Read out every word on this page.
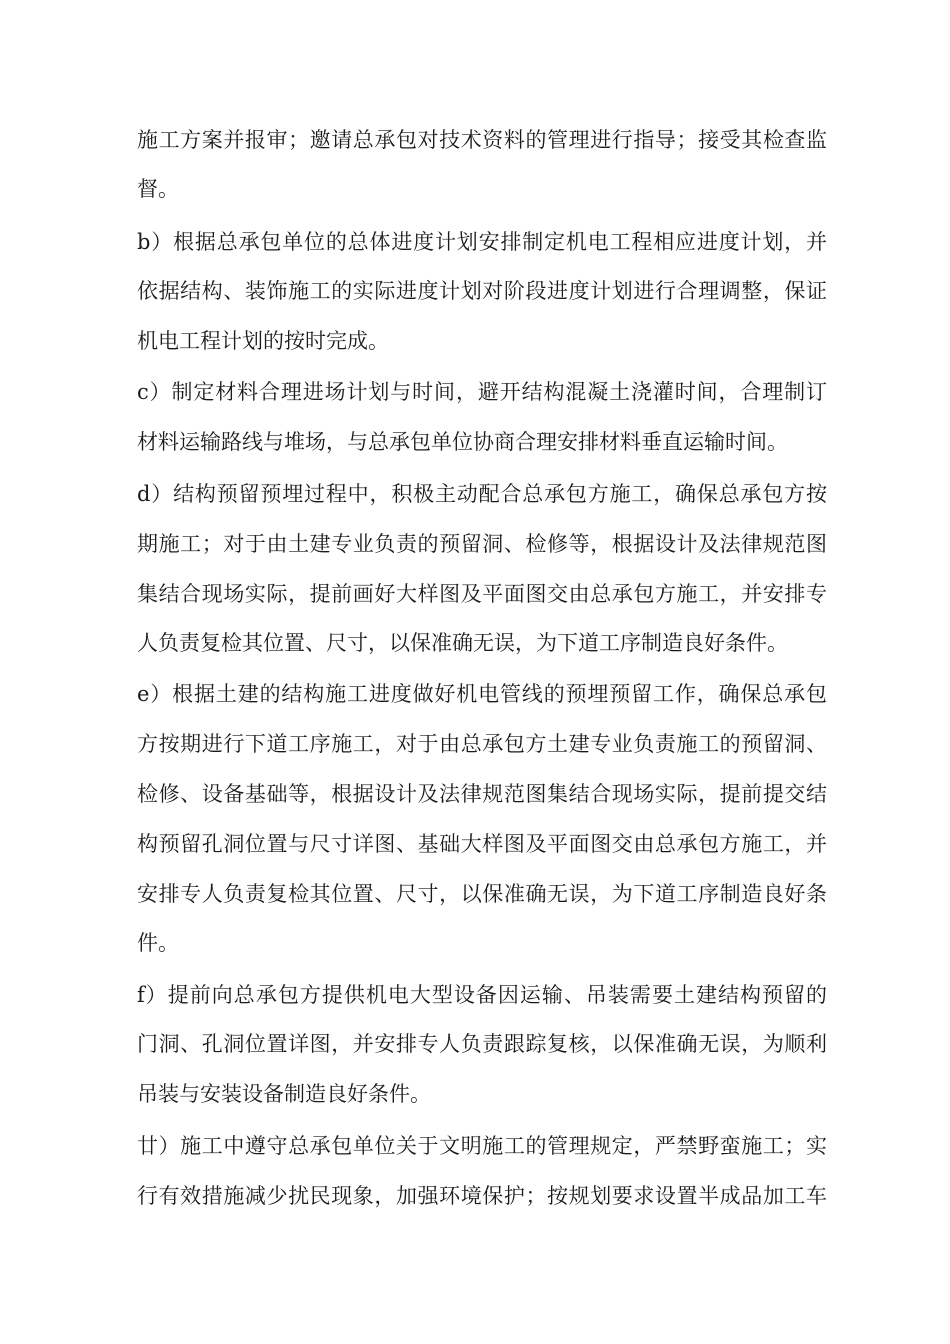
施工方案并报审；邀请总承包对技术资料的管理进行指导；接受其检查监
督。
b）根据总承包单位的总体进度计划安排制定机电工程相应进度计划，并
依据结构、装饰施工的实际进度计划对阶段进度计划进行合理调整，保证
机电工程计划的按时完成。
c）制定材料合理进场计划与时间，避开结构混凝土浇灌时间，合理制订
材料运输路线与堆场，与总承包单位协商合理安排材料垂直运输时间。
d）结构预留预埋过程中，积极主动配合总承包方施工，确保总承包方按
期施工；对于由土建专业负责的预留洞、检修等，根据设计及法律规范图
集结合现场实际，提前画好大样图及平面图交由总承包方施工，并安排专
人负责复检其位置、尺寸，以保准确无误，为下道工序制造良好条件。
e）根据土建的结构施工进度做好机电管线的预埋预留工作，确保总承包
方按期进行下道工序施工，对于由总承包方土建专业负责施工的预留洞、
检修、设备基础等，根据设计及法律规范图集结合现场实际，提前提交结
构预留孔洞位置与尺寸详图、基础大样图及平面图交由总承包方施工，并
安排专人负责复检其位置、尺寸，以保准确无误，为下道工序制造良好条
件。
f）提前向总承包方提供机电大型设备因运输、吊装需要土建结构预留的
门洞、孔洞位置详图，并安排专人负责跟踪复核，以保准确无误，为顺利
吊装与安装设备制造良好条件。
廿）施工中遵守总承包单位关于文明施工的管理规定，严禁野蛮施工；实
行有效措施减少扰民现象，加强环境保护；按规划要求设置半成品加工车
